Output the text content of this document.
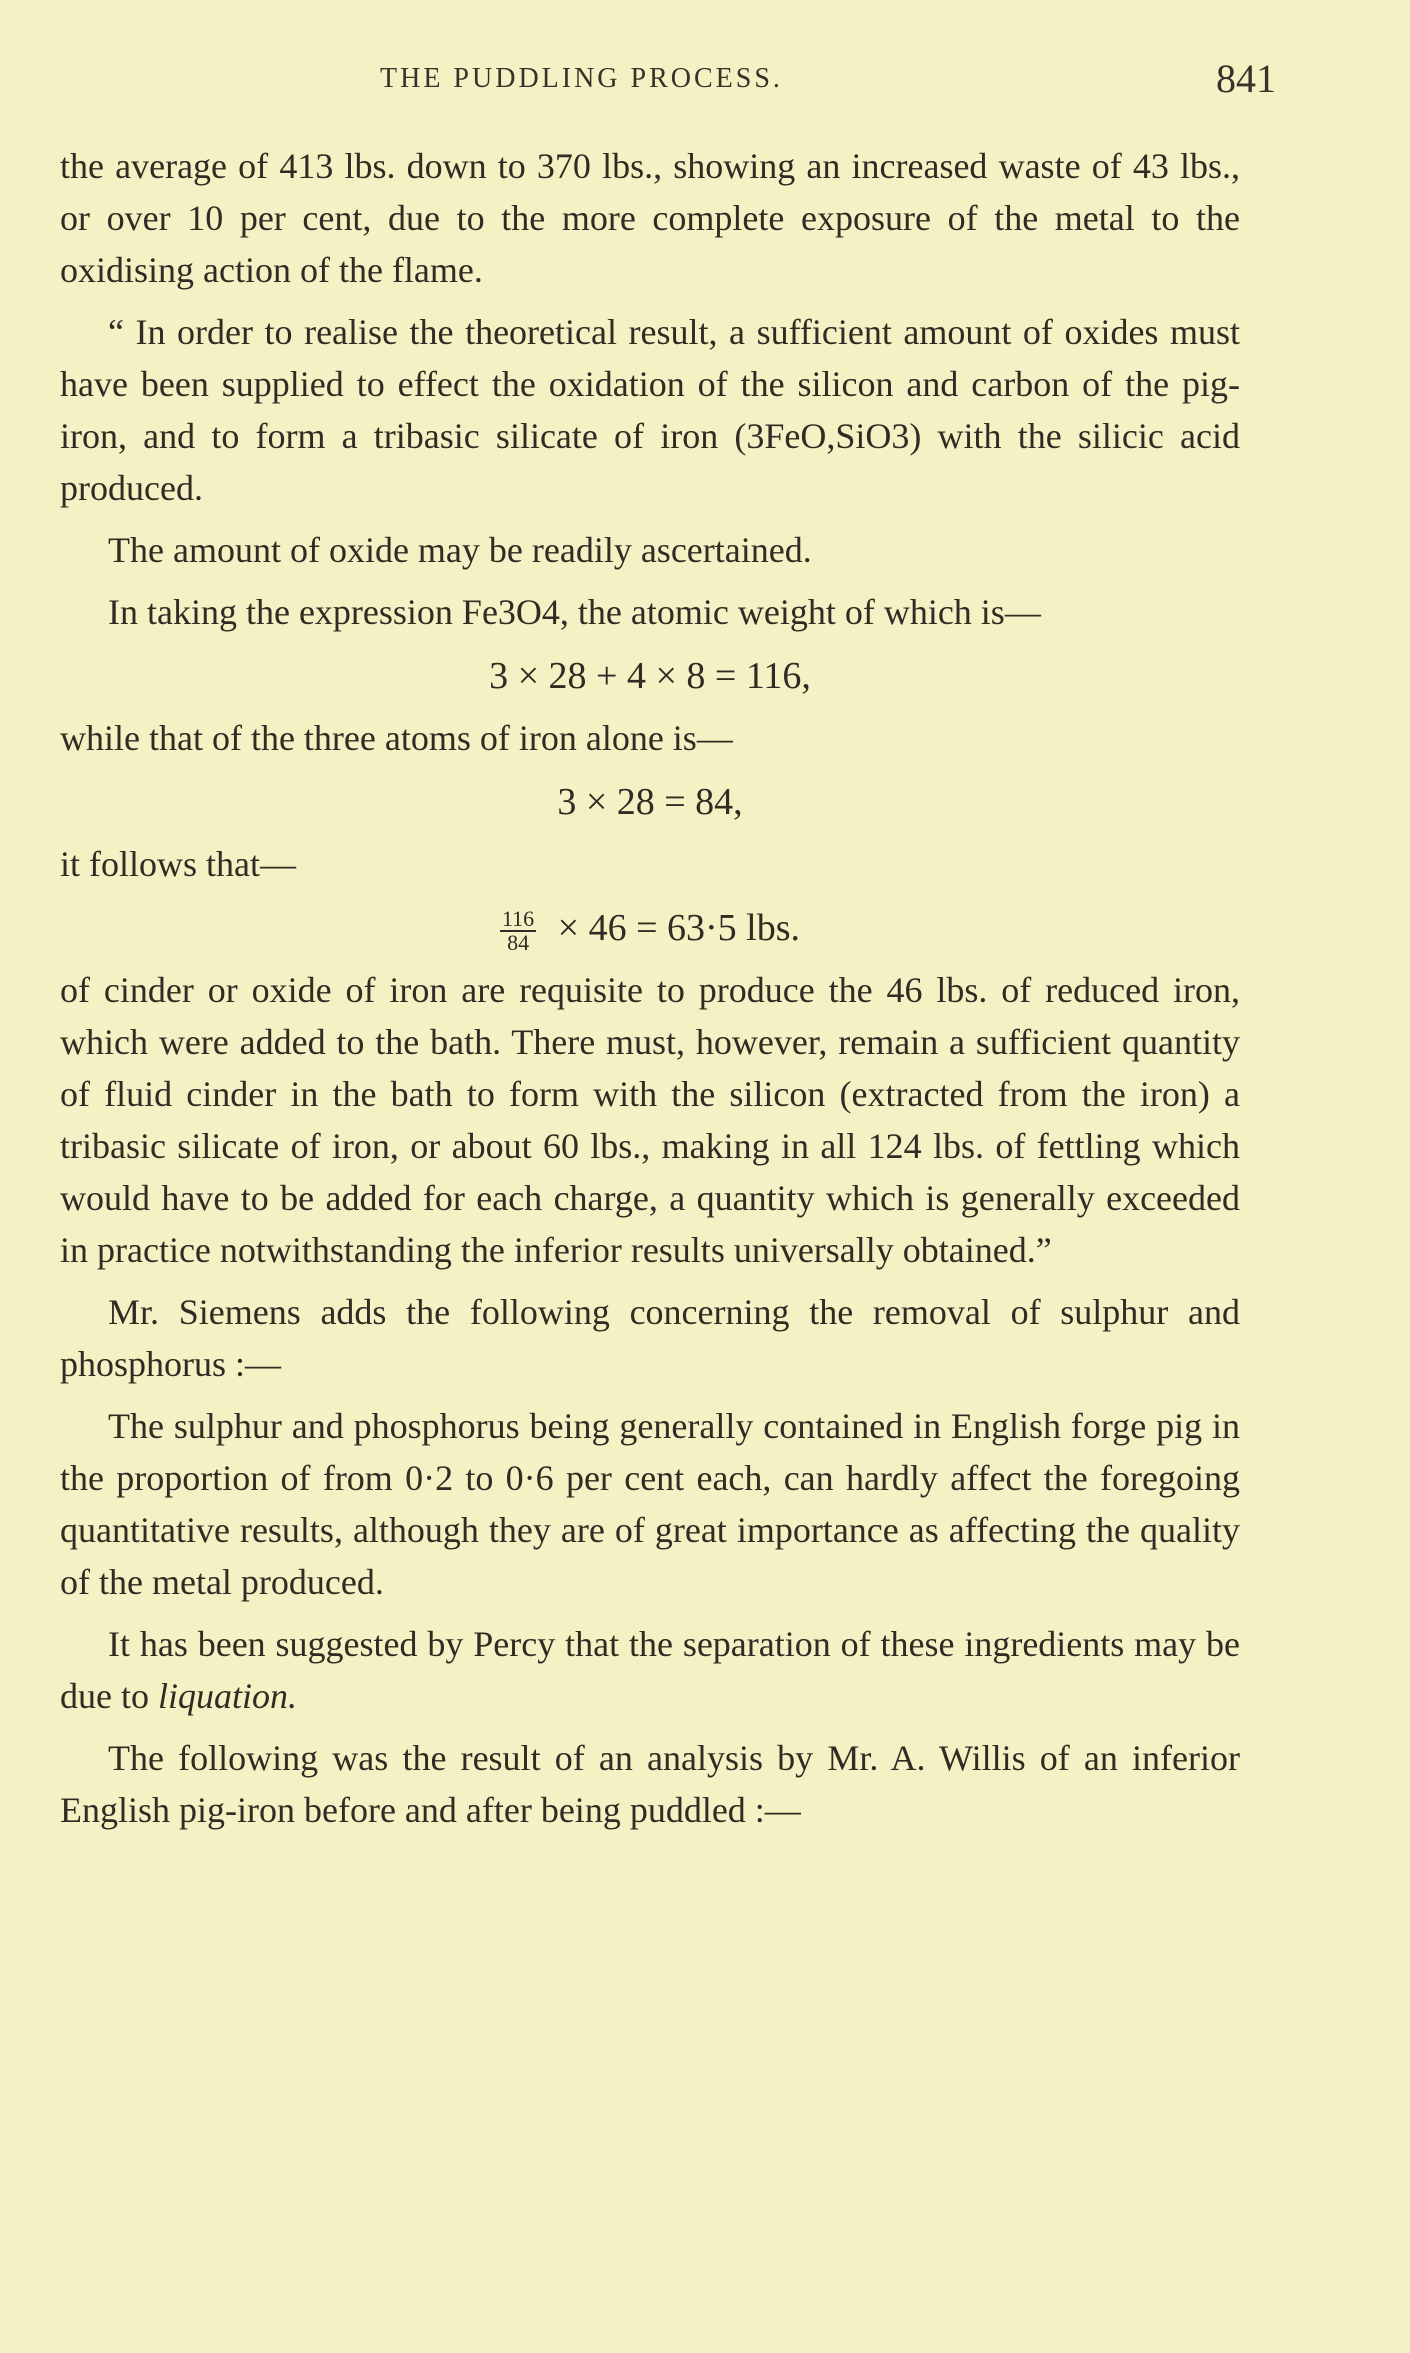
THE PUDDLING PROCESS.	841

the average of 413 lbs. down to 370 lbs., showing an increased waste of 43 lbs., or over 10 per cent, due to the more complete exposure of the metal to the oxidising action of the flame.

“ In order to realise the theoretical result, a sufficient amount of oxides must have been supplied to effect the oxidation of the silicon and carbon of the pig-iron, and to form a tribasic silicate of iron (3FeO,SiO3) with the silicic acid produced.

The amount of oxide may be readily ascertained.

In taking the expression Fe3O4, the atomic weight of which is—

3 × 28 + 4 × 8 = 116,

while that of the three atoms of iron alone is—

3 × 28 = 84,

it follows that—

$\frac{116}{84} \times 46 = 63\cdot 5$ lbs.

of cinder or oxide of iron are requisite to produce the 46 lbs. of reduced iron, which were added to the bath. There must, however, remain a sufficient quantity of fluid cinder in the bath to form with the silicon (extracted from the iron) a tribasic silicate of iron, or about 60 lbs., making in all 124 lbs. of fettling which would have to be added for each charge, a quantity which is generally exceeded in practice notwithstanding the inferior results universally obtained.”

Mr. Siemens adds the following concerning the removal of sulphur and phosphorus :—

The sulphur and phosphorus being generally contained in English forge pig in the proportion of from 0·2 to 0·6 per cent each, can hardly affect the foregoing quantitative results, although they are of great importance as affecting the quality of the metal produced.

It has been suggested by Percy that the separation of these ingredients may be due to liquation.

The following was the result of an analysis by Mr. A. Willis of an inferior English pig-iron before and after being puddled :—
